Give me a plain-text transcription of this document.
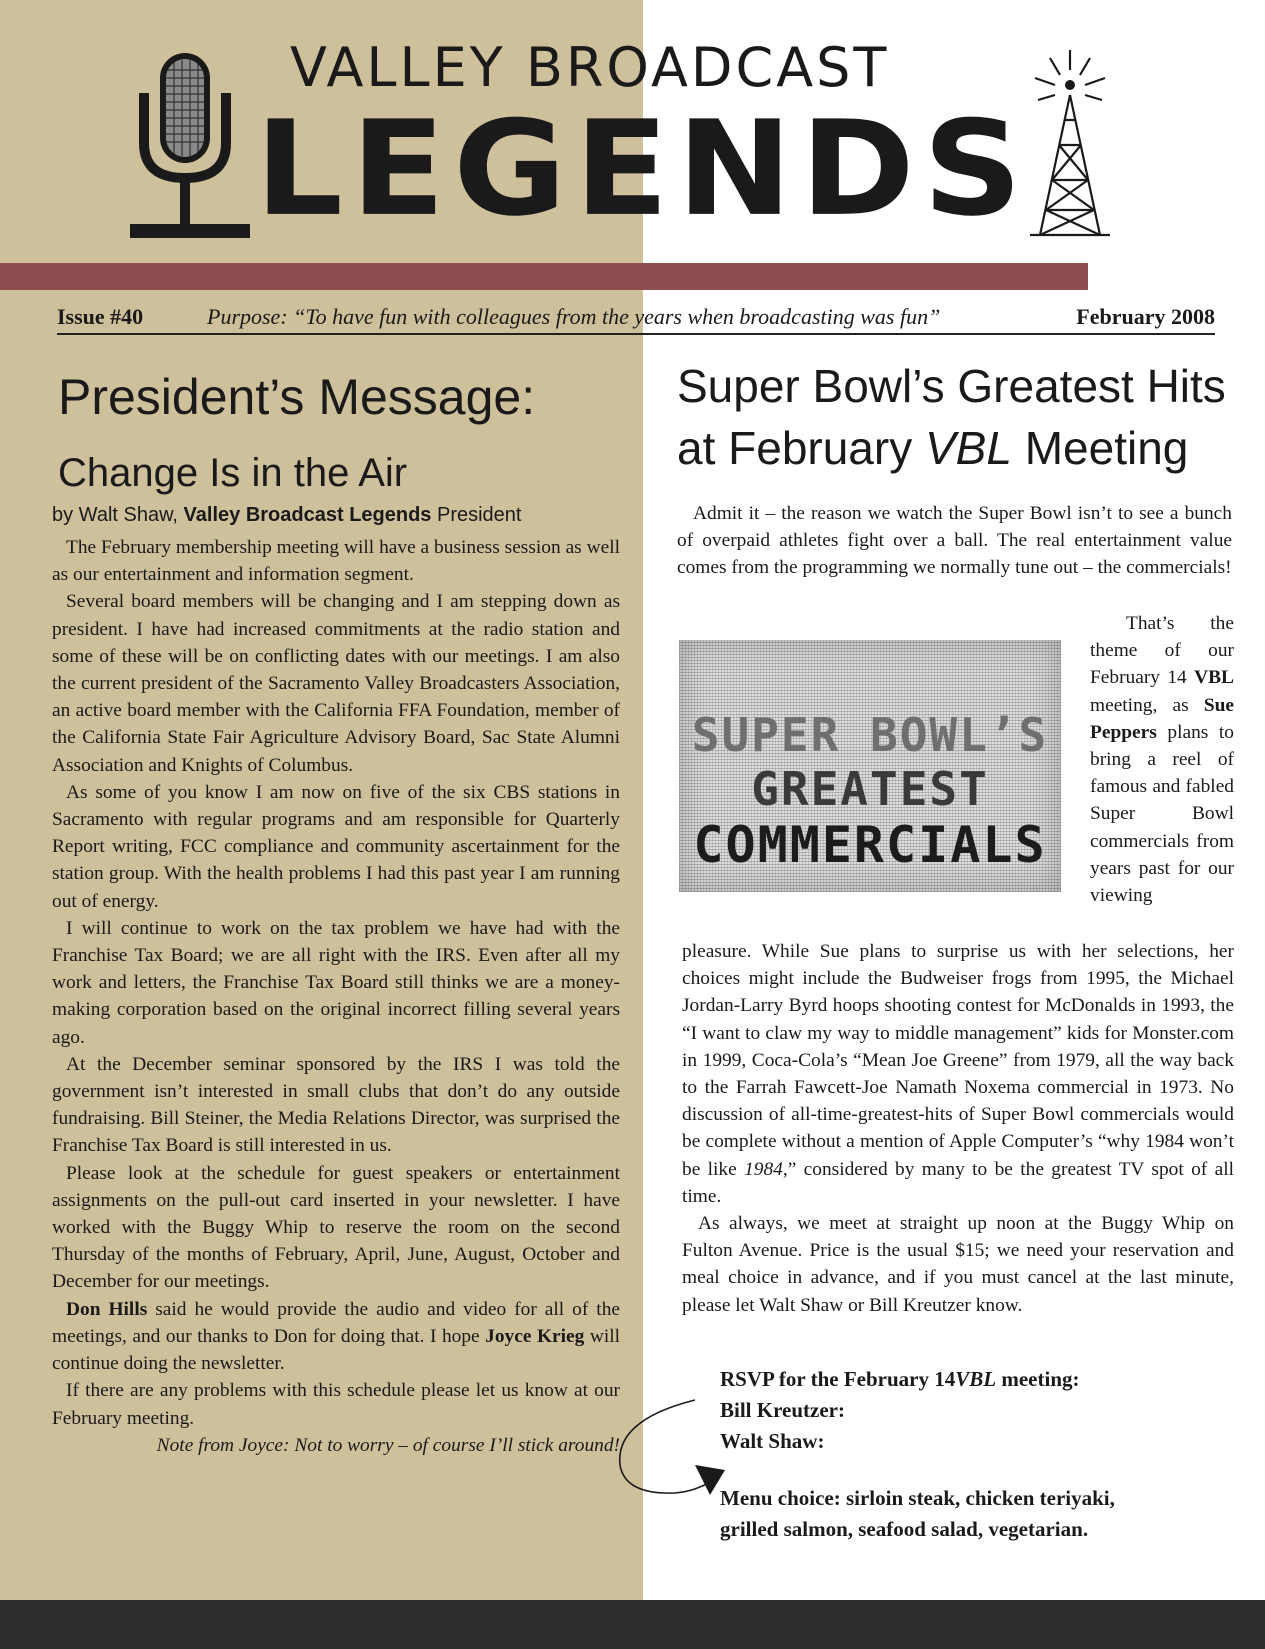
VALLEY BROADCAST
LEGENDS
Issue #40	Purpose: “To have fun with colleagues from the years when broadcasting was fun”	February 2008
President’s Message:
Change Is in the Air
by Walt Shaw, Valley Broadcast Legends President

The February membership meeting will have a business session as well as our entertainment and information segment.

Several board members will be changing and I am stepping down as president. I have had increased commitments at the radio station and some of these will be on conflicting dates with our meetings. I am also the current president of the Sacramento Valley Broadcasters Association, an active board member with the California FFA Foundation, member of the California State Fair Agriculture Advisory Board, Sac State Alumni Association and Knights of Columbus.

As some of you know I am now on five of the six CBS stations in Sacramento with regular programs and am responsible for Quarterly Report writing, FCC compliance and community ascertainment for the station group. With the health problems I had this past year I am running out of energy.

I will continue to work on the tax problem we have had with the Franchise Tax Board; we are all right with the IRS. Even after all my work and letters, the Franchise Tax Board still thinks we are a money-making corporation based on the original incorrect filling several years ago.

At the December seminar sponsored by the IRS I was told the government isn’t interested in small clubs that don’t do any outside fundraising. Bill Steiner, the Media Relations Director, was surprised the Franchise Tax Board is still interested in us.

Please look at the schedule for guest speakers or entertainment assignments on the pull-out card inserted in your newsletter. I have worked with the Buggy Whip to reserve the room on the second Thursday of the months of February, April, June, August, October and December for our meetings.

Don Hills said he would provide the audio and video for all of the meetings, and our thanks to Don for doing that. I hope Joyce Krieg will continue doing the newsletter.

If there are any problems with this schedule please let us know at our February meeting.

Note from Joyce: Not to worry – of course I’ll stick around!

Super Bowl’s Greatest Hits
at February VBL Meeting

Admit it – the reason we watch the Super Bowl isn’t to see a bunch of overpaid athletes fight over a ball. The real entertainment value comes from the programming we normally tune out – the commercials!

SUPER BOWL’S
GREATEST
COMMERCIALS

That’s the theme of our February 14 VBL meeting, as Sue Peppers plans to bring a reel of famous and fabled Super Bowl commercials from years past for our viewing

pleasure. While Sue plans to surprise us with her selections, her choices might include the Budweiser frogs from 1995, the Michael Jordan-Larry Byrd hoops shooting contest for McDonalds in 1993, the “I want to claw my way to middle management” kids for Monster.com in 1999, Coca-Cola’s “Mean Joe Greene” from 1979, all the way back to the Farrah Fawcett-Joe Namath Noxema commercial in 1973. No discussion of all-time-greatest-hits of Super Bowl commercials would be complete without a mention of Apple Computer’s “why 1984 won’t be like 1984,” considered by many to be the greatest TV spot of all time.

As always, we meet at straight up noon at the Buggy Whip on Fulton Avenue. Price is the usual $15; we need your reservation and meal choice in advance, and if you must cancel at the last minute, please let Walt Shaw or Bill Kreutzer know.

RSVP for the February 14VBL meeting:
Bill Kreutzer:
Walt Shaw:
Menu choice: sirloin steak, chicken teriyaki,
grilled salmon, seafood salad, vegetarian.
